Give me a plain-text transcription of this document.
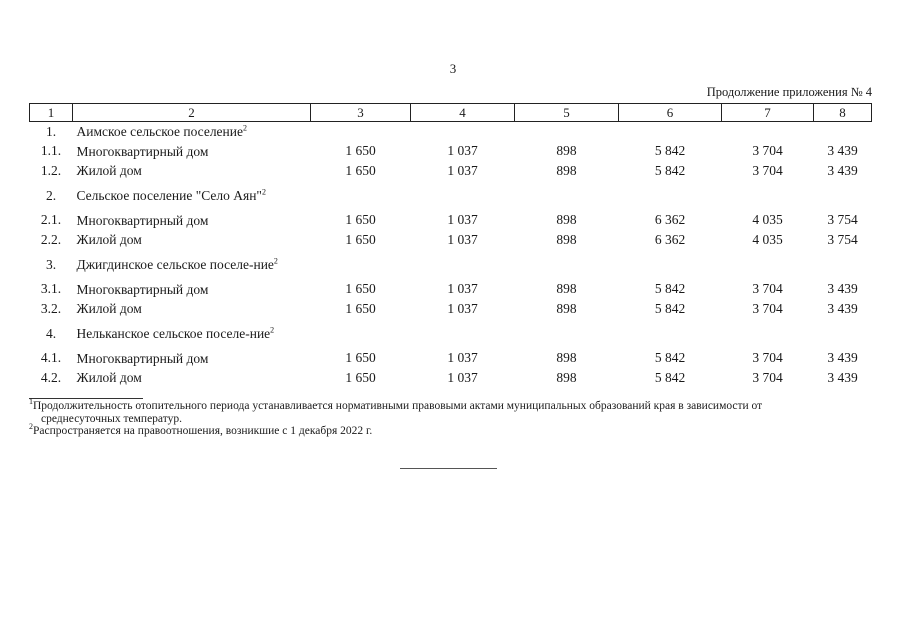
3
Продолжение приложения № 4
1	2	3	4	5	6	7	8
1.	Аимское сельское поселение$^2$						
1.1.	Многоквартирный дом	1 650	1 037	898	5 842	3 704	3 439
1.2.	Жилой дом	1 650	1 037	898	5 842	3 704	3 439
2.	Сельское поселение "Село Аян"$^2$						
2.1.	Многоквартирный дом	1 650	1 037	898	6 362	4 035	3 754
2.2.	Жилой дом	1 650	1 037	898	6 362	4 035	3 754
3.	Джигдинское сельское поселе-ние$^2$						
3.1.	Многоквартирный дом	1 650	1 037	898	5 842	3 704	3 439
3.2.	Жилой дом	1 650	1 037	898	5 842	3 704	3 439
4.	Нельканское сельское поселе-ние$^2$						
4.1.	Многоквартирный дом	1 650	1 037	898	5 842	3 704	3 439
4.2.	Жилой дом	1 650	1 037	898	5 842	3 704	3 439
$^1$Продолжительность отопительного периода устанавливается нормативными правовыми актами муниципальных образований края в зависимости от
среднесуточных температур.
$^2$Распространяется на правоотношения, возникшие с 1 декабря 2022 г.
